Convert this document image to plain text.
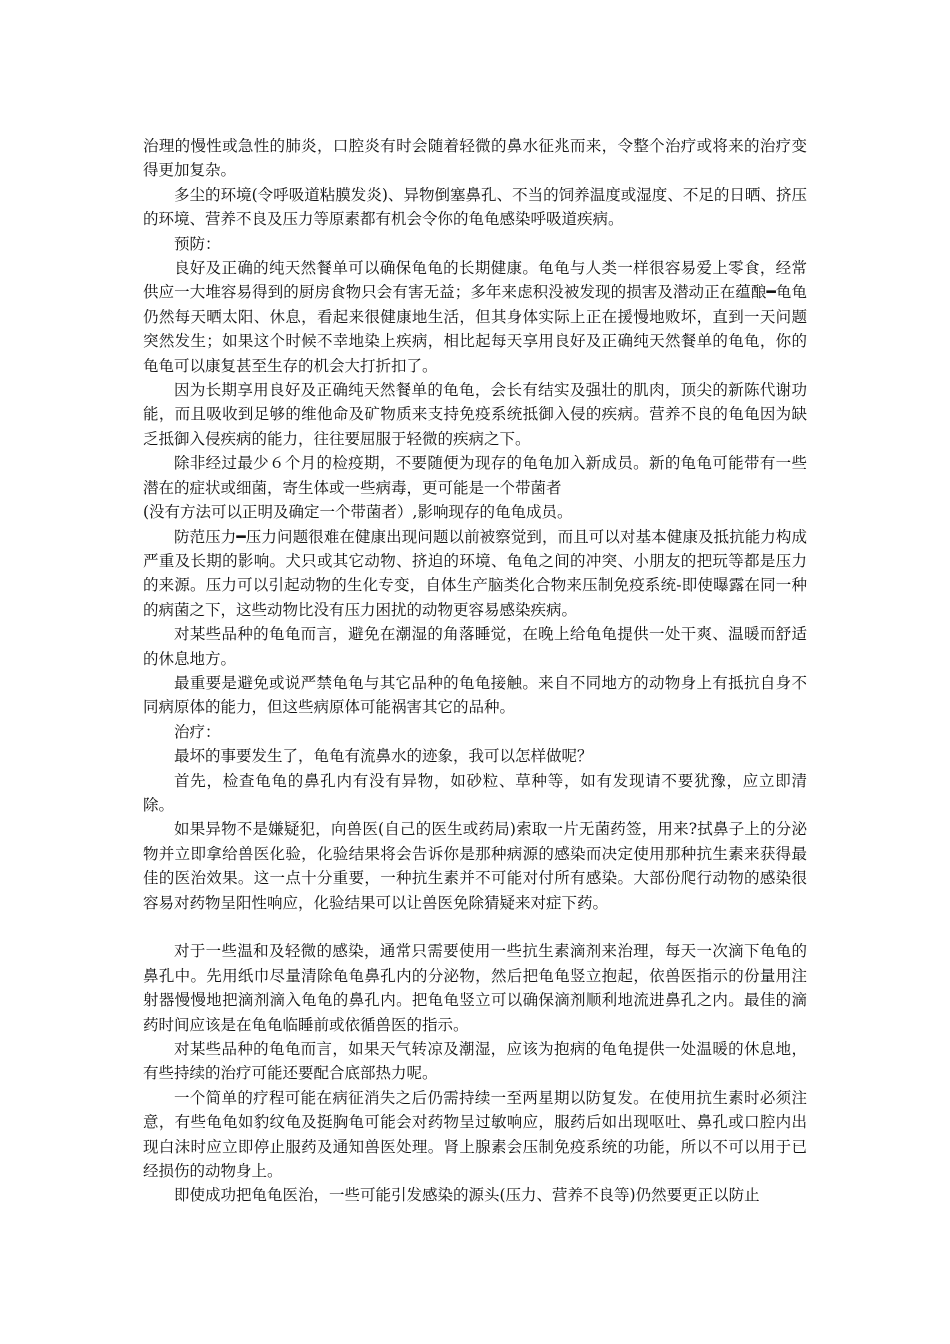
治理的慢性或急性的肺炎，口腔炎有时会随着轻微的鼻水征兆而来，令整个治疗或将来的治疗变得更加复杂。

多尘的环境(令呼吸道粘膜发炎)、异物倒塞鼻孔、不当的饲养温度或湿度、不足的日晒、挤压的环境、营养不良及压力等原素都有机会令你的龟龟感染呼吸道疾病。

预防：

良好及正确的纯天然餐单可以确保龟龟的长期健康。龟龟与人类一样很容易爱上零食，经常供应一大堆容易得到的厨房食物只会有害无益；多年来虑积没被发现的损害及潜动正在蕴酿━龟龟仍然每天晒太阳、休息，看起来很健康地生活，但其身体实际上正在援慢地败坏，直到一天问题突然发生；如果这个时候不幸地染上疾病，相比起每天享用良好及正确纯天然餐单的龟龟，你的龟龟可以康复甚至生存的机会大打折扣了。

因为长期享用良好及正确纯天然餐单的龟龟，会长有结实及强壮的肌肉，顶尖的新陈代谢功能，而且吸收到足够的维他命及矿物质来支持免疫系统抵御入侵的疾病。营养不良的龟龟因为缺乏抵御入侵疾病的能力，往往要屈服于轻微的疾病之下。

除非经过最少６个月的检疫期，不要随便为现存的龟龟加入新成员。新的龟龟可能带有一些潜在的症状或细菌，寄生体或一些病毒，更可能是一个带菌者

(没有方法可以正明及确定一个带菌者）,影响现存的龟龟成员。

防范压力━压力问题很难在健康出现问题以前被察觉到，而且可以对基本健康及抵抗能力构成严重及长期的影响。犬只或其它动物、挤迫的环境、龟龟之间的冲突、小朋友的把玩等都是压力的来源。压力可以引起动物的生化专变，自体生产脑类化合物来压制免疫系统-即使曝露在同一种的病菌之下，这些动物比没有压力困扰的动物更容易感染疾病。

对某些品种的龟龟而言，避免在潮湿的角落睡觉，在晚上给龟龟提供一处干爽、温暖而舒适的休息地方。

最重要是避免或说严禁龟龟与其它品种的龟龟接触。来自不同地方的动物身上有抵抗自身不同病原体的能力，但这些病原体可能祸害其它的品种。

治疗：

最坏的事要发生了，龟龟有流鼻水的迹象，我可以怎样做呢？

首先，检查龟龟的鼻孔内有没有异物，如砂粒、草种等，如有发现请不要犹豫，应立即清除。

如果异物不是嫌疑犯，向兽医(自己的医生或药局)索取一片无菌药签，用来?拭鼻子上的分泌物并立即拿给兽医化验，化验结果将会告诉你是那种病源的感染而决定使用那种抗生素来获得最佳的医治效果。这一点十分重要，一种抗生素并不可能对付所有感染。大部份爬行动物的感染很容易对药物呈阳性响应，化验结果可以让兽医免除猜疑来对症下药。

对于一些温和及轻微的感染，通常只需要使用一些抗生素滴剂来治理，每天一次滴下龟龟的鼻孔中。先用纸巾尽量清除龟龟鼻孔内的分泌物，然后把龟龟竖立抱起，依兽医指示的份量用注射器慢慢地把滴剂滴入龟龟的鼻孔内。把龟龟竖立可以确保滴剂顺利地流进鼻孔之内。最佳的滴药时间应该是在龟龟临睡前或依循兽医的指示。

对某些品种的龟龟而言，如果天气转凉及潮湿，应该为抱病的龟龟提供一处温暖的休息地，有些持续的治疗可能还要配合底部热力呢。

一个简单的疗程可能在病征消失之后仍需持续一至两星期以防复发。在使用抗生素时必须注意，有些龟龟如豹纹龟及挺胸龟可能会对药物呈过敏响应，服药后如出现呕吐、鼻孔或口腔内出现白沫时应立即停止服药及通知兽医处理。肾上腺素会压制免疫系统的功能，所以不可以用于已经损伤的动物身上。

即使成功把龟龟医治，一些可能引发感染的源头(压力、营养不良等)仍然要更正以防止
